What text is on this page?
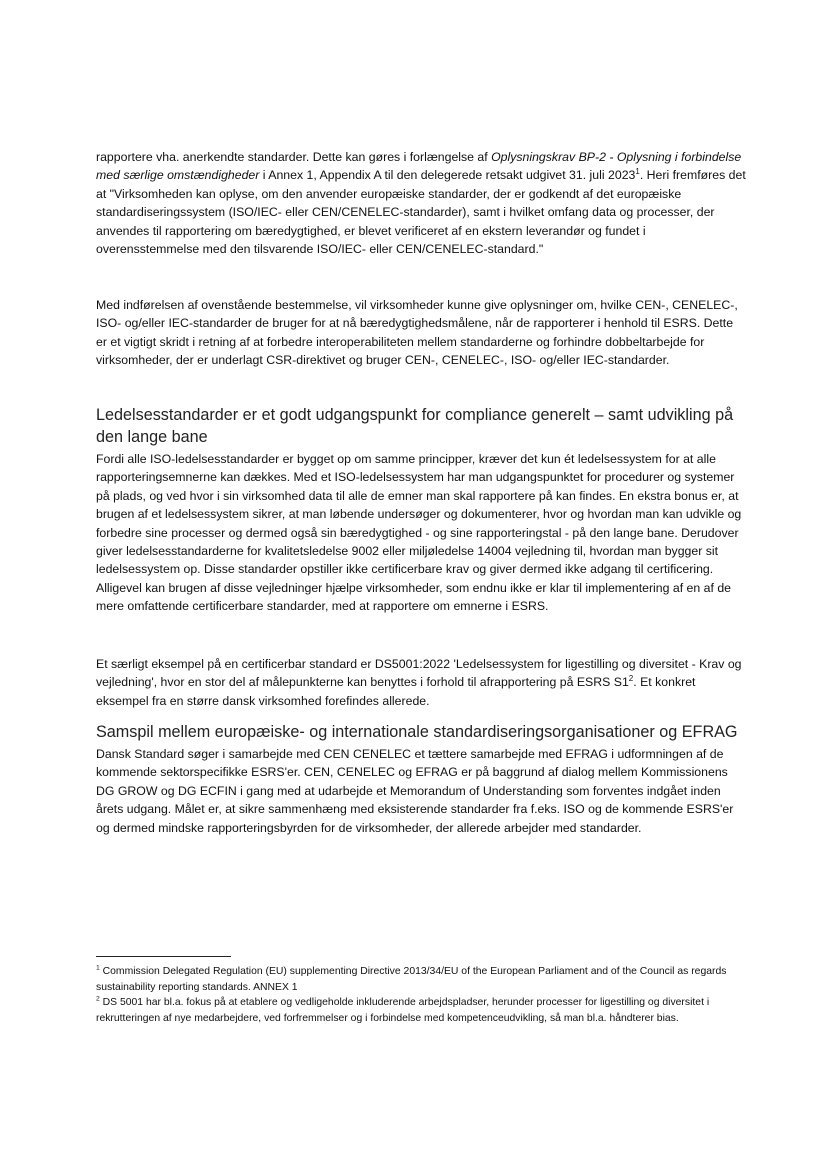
rapportere vha. anerkendte standarder. Dette kan gøres i forlængelse af Oplysningskrav BP-2 - Oplysning i forbindelse med særlige omstændigheder i Annex 1, Appendix A til den delegerede retsakt udgivet 31. juli 2023$^1$. Heri fremføres det at "Virksomheden kan oplyse, om den anvender europæiske standarder, der er godkendt af det europæiske standardiseringssystem (ISO/IEC- eller CEN/CENELEC-standarder), samt i hvilket omfang data og processer, der anvendes til rapportering om bæredygtighed, er blevet verificeret af en ekstern leverandør og fundet i overensstemmelse med den tilsvarende ISO/IEC- eller CEN/CENELEC-standard."

Med indførelsen af ovenstående bestemmelse, vil virksomheder kunne give oplysninger om, hvilke CEN-, CENELEC-, ISO- og/eller IEC-standarder de bruger for at nå bæredygtighedsmålene, når de rapporterer i henhold til ESRS. Dette er et vigtigt skridt i retning af at forbedre interoperabiliteten mellem standarderne og forhindre dobbeltarbejde for virksomheder, der er underlagt CSR-direktivet og bruger CEN-, CENELEC-, ISO- og/eller IEC-standarder.

Ledelsesstandarder er et godt udgangspunkt for compliance generelt – samt udvikling på den lange bane

Fordi alle ISO-ledelsesstandarder er bygget op om samme principper, kræver det kun ét ledelsessystem for at alle rapporteringsemnerne kan dækkes. Med et ISO-ledelsessystem har man udgangspunktet for procedurer og systemer på plads, og ved hvor i sin virksomhed data til alle de emner man skal rapportere på kan findes. En ekstra bonus er, at brugen af et ledelsessystem sikrer, at man løbende undersøger og dokumenterer, hvor og hvordan man kan udvikle og forbedre sine processer og dermed også sin bæredygtighed - og sine rapporteringstal - på den lange bane. Derudover giver ledelsesstandarderne for kvalitetsledelse 9002 eller miljøledelse 14004 vejledning til, hvordan man bygger sit ledelsessystem op. Disse standarder opstiller ikke certificerbare krav og giver dermed ikke adgang til certificering. Alligevel kan brugen af disse vejledninger hjælpe virksomheder, som endnu ikke er klar til implementering af en af de mere omfattende certificerbare standarder, med at rapportere om emnerne i ESRS.

Et særligt eksempel på en certificerbar standard er DS5001:2022 'Ledelsessystem for ligestilling og diversitet - Krav og vejledning', hvor en stor del af målepunkterne kan benyttes i forhold til afrapportering på ESRS $S1^2$. Et konkret eksempel fra en større dansk virksomhed forefindes allerede.

Samspil mellem europæiske- og internationale standardiseringsorganisationer og EFRAG

Dansk Standard søger i samarbejde med CEN CENELEC et tættere samarbejde med EFRAG i udformningen af de kommende sektorspecifikke ESRS'er. CEN, CENELEC og EFRAG er på baggrund af dialog mellem Kommissionens DG GROW og DG ECFIN i gang med at udarbejde et Memorandum of Understanding som forventes indgået inden årets udgang. Målet er, at sikre sammenhæng med eksisterende standarder fra f.eks. ISO og de kommende ESRS'er og dermed mindske rapporteringsbyrden for de virksomheder, der allerede arbejder med standarder.

$^1$ Commission Delegated Regulation (EU) supplementing Directive 2013/34/EU of the European Parliament and of the Council as regards sustainability reporting standards. ANNEX 1

$^2$ DS 5001 har bl.a. fokus på at etablere og vedligeholde inkluderende arbejdspladser, herunder processer for ligestilling og diversitet i rekrutteringen af nye medarbejdere, ved forfremmelser og i forbindelse med kompetenceudvikling, så man bl.a. håndterer bias.
